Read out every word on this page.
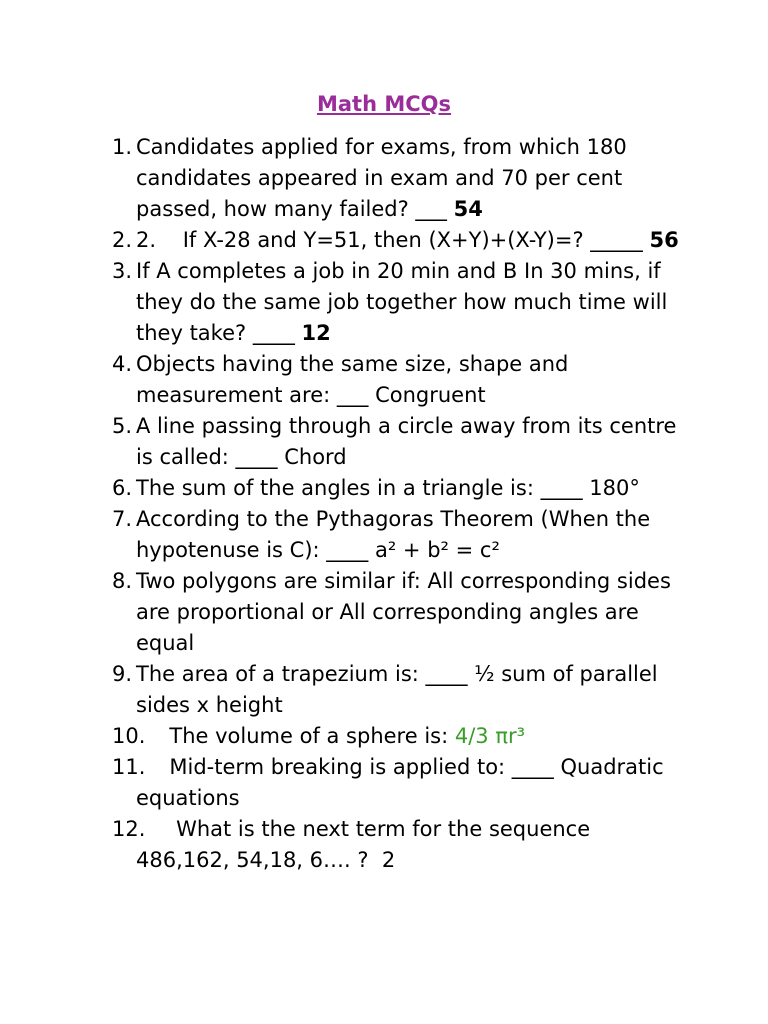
Math MCQs
1. Candidates applied for exams, from which 180 candidates appeared in exam and 70 per cent passed, how many failed? ___ 54
2. 2.    If X-28 and Y=51, then (X+Y)+(X-Y)=? _____ 56
3. If A completes a job in 20 min and B In 30 mins, if they do the same job together how much time will they take? ____ 12
4. Objects having the same size, shape and measurement are: ___ Congruent
5. A line passing through a circle away from its centre is called: ____ Chord
6. The sum of the angles in a triangle is: ____ 180°
7. According to the Pythagoras Theorem (When the hypotenuse is C): ____ a² + b² = c²
8. Two polygons are similar if: All corresponding sides are proportional or All corresponding angles are equal
9. The area of a trapezium is: ____ ½ sum of parallel sides x height
10.
The volume of a sphere is: 4/3 πr³
11.
Mid-term breaking is applied to: ____ Quadratic equations
12.
What is the next term for the sequence 486,162, 54,18, 6…. ?  2
